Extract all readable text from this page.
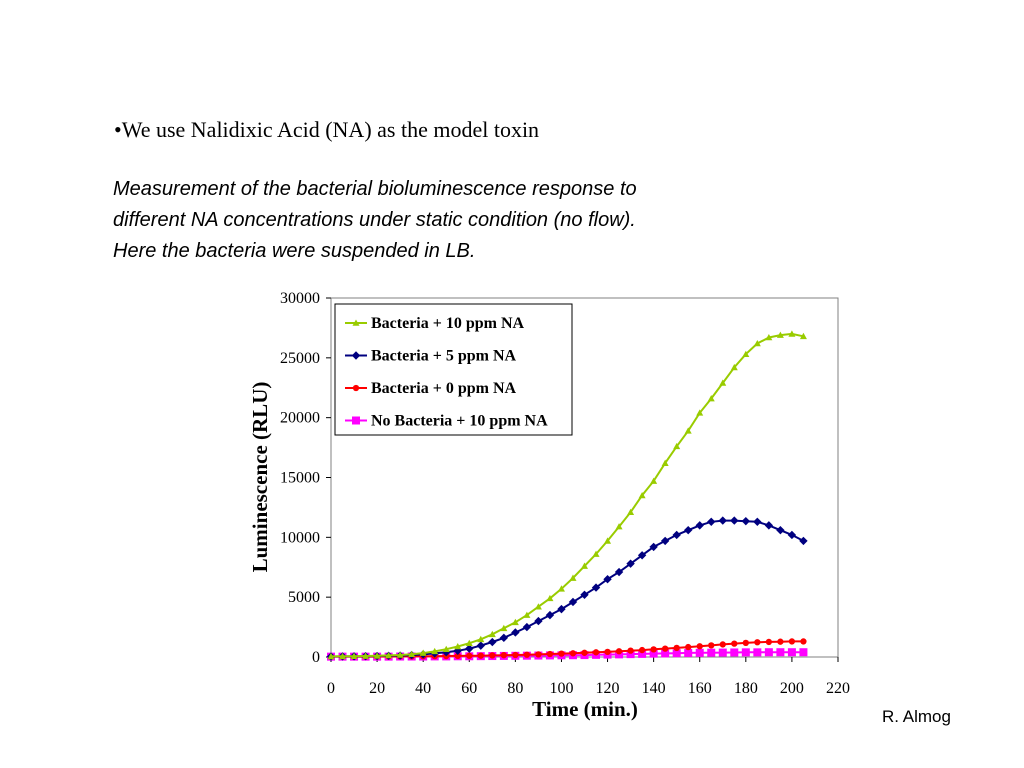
•We use Nalidixic Acid (NA) as the model toxin
Measurement of the bacterial bioluminescence response to
different NA concentrations under static condition (no flow).
Here the bacteria were suspended in LB.
0 20 40 60 80 100 120 140 160 180 200 220
0
5000
10000
15000
20000
25000
30000
Bacteria + 10 ppm NA
Bacteria + 5 ppm NA
Bacteria + 0 ppm NA
No Bacteria + 10 ppm NA
Time (min.)
Luminescence (RLU)
R. Almog
